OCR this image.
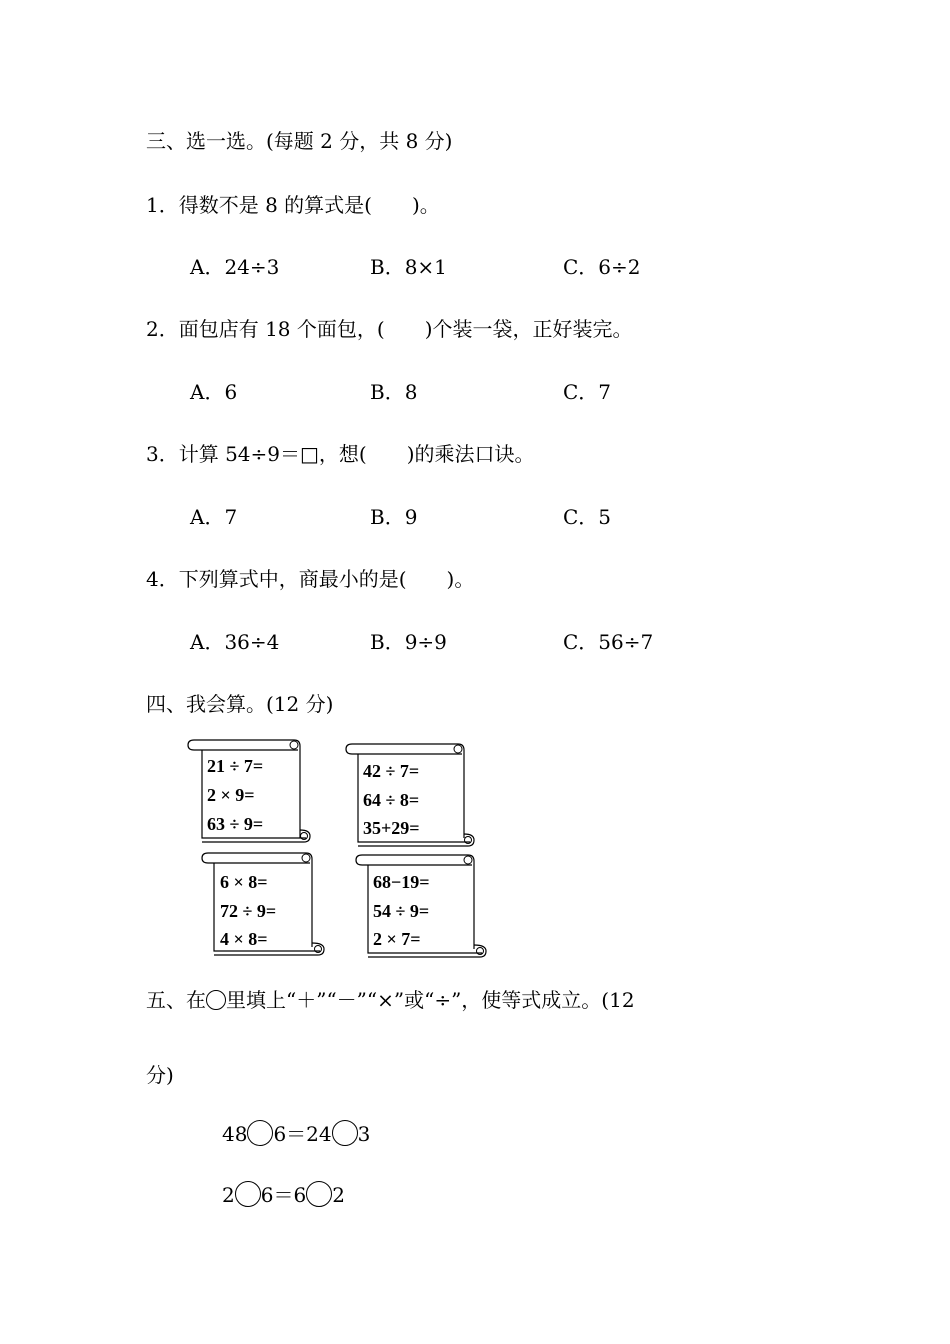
三、选一选。(每题 2 分，共 8 分)
1．得数不是 8 的算式是(　　)。
A．24÷3	B．8×1	C．6÷2
2．面包店有 18 个面包，(　　)个装一袋，正好装完。
A．6	B．8	C．7
3．计算 54÷9＝□，想(　　)的乘法口诀。
A．7	B．9	C．5
4．下列算式中，商最小的是(　　)。
A．36÷4	B．9÷9	C．56÷7
四、我会算。(12 分)
21 ÷ 7=
2 × 9=
63 ÷ 9=
42 ÷ 7=
64 ÷ 8=
35+29=
6 × 8=
72 ÷ 9=
4 × 8=
68−19=
54 ÷ 9=
2 × 7=
五、在 里填上“＋”“－”“×”或“÷”，使等式成立。(12
分)
48 6＝24 3
2 6＝6 2
